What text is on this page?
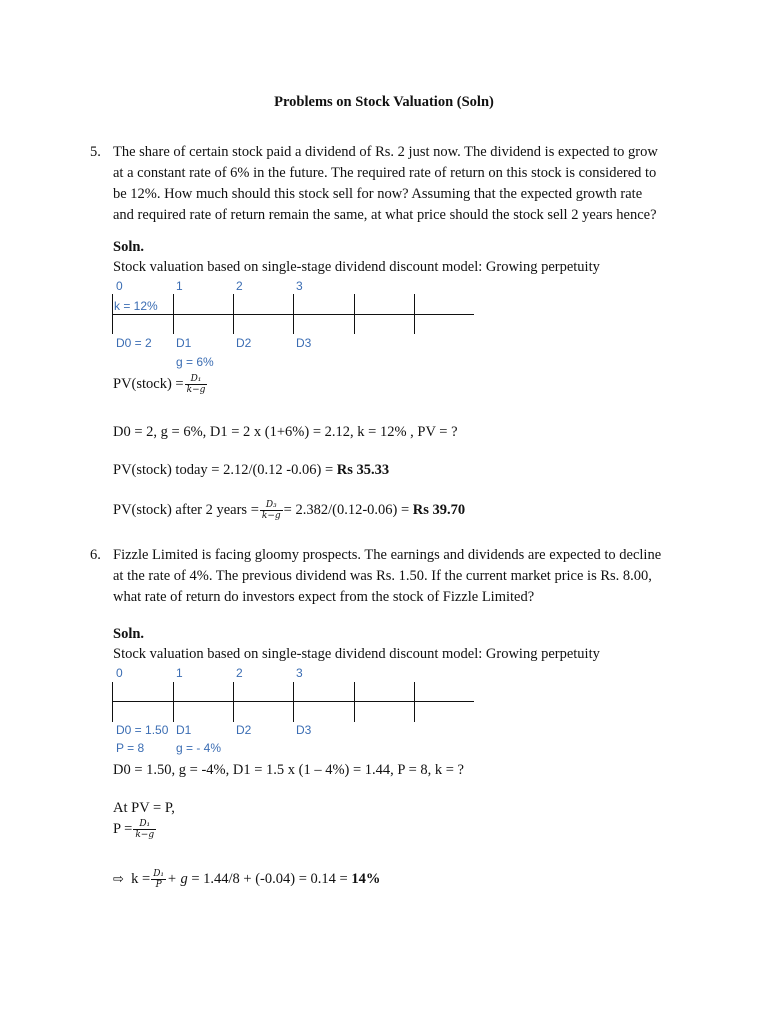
Problems on Stock Valuation (Soln)
5. The share of certain stock paid a dividend of Rs. 2 just now. The dividend is expected to grow
at a constant rate of 6% in the future. The required rate of return on this stock is considered to
be 12%. How much should this stock sell for now? Assuming that the expected growth rate
and required rate of return remain the same, at what price should the stock sell 2 years hence?
Soln.
Stock valuation based on single-stage dividend discount model: Growing perpetuity
0	1	2	3
k = 12%
D0 = 2 D1	D2	D3
g = 6%
PV(stock) = $\frac{\text{D₁}}{k-g}$
D0 = 2, g = 6%, D1 = 2 x (1+6%) = 2.12, k = 12% , PV = ?
PV(stock) today = 2.12/(0.12 -0.06) = Rs 35.33
PV(stock) after 2 years = $\frac{\text{D₃}}{k-g} = 2.382/(0.12-0.06) = Rs$ 39.70
6. Fizzle Limited is facing gloomy prospects. The earnings and dividends are expected to decline
at the rate of 4%. The previous dividend was Rs. 1.50. If the current market price is Rs. 8.00,
what rate of return do investors expect from the stock of Fizzle Limited?
Soln.
Stock valuation based on single-stage dividend discount model: Growing perpetuity
0	1	2	3
D0 = 1.50 D1	D2	D3
P = 8	g = - 4%
D0 = 1.50, g = -4%, D1 = 1.5 x (1 – 4%) = 1.44, P = 8, k = ?
At PV = P,
$P = \frac{\text{D₁}}{k-g}$
⇨ $k = \frac{\text{D₁}}{P} + g = 1.44/8 + (-0.04) = 0.14 = 14\%$
